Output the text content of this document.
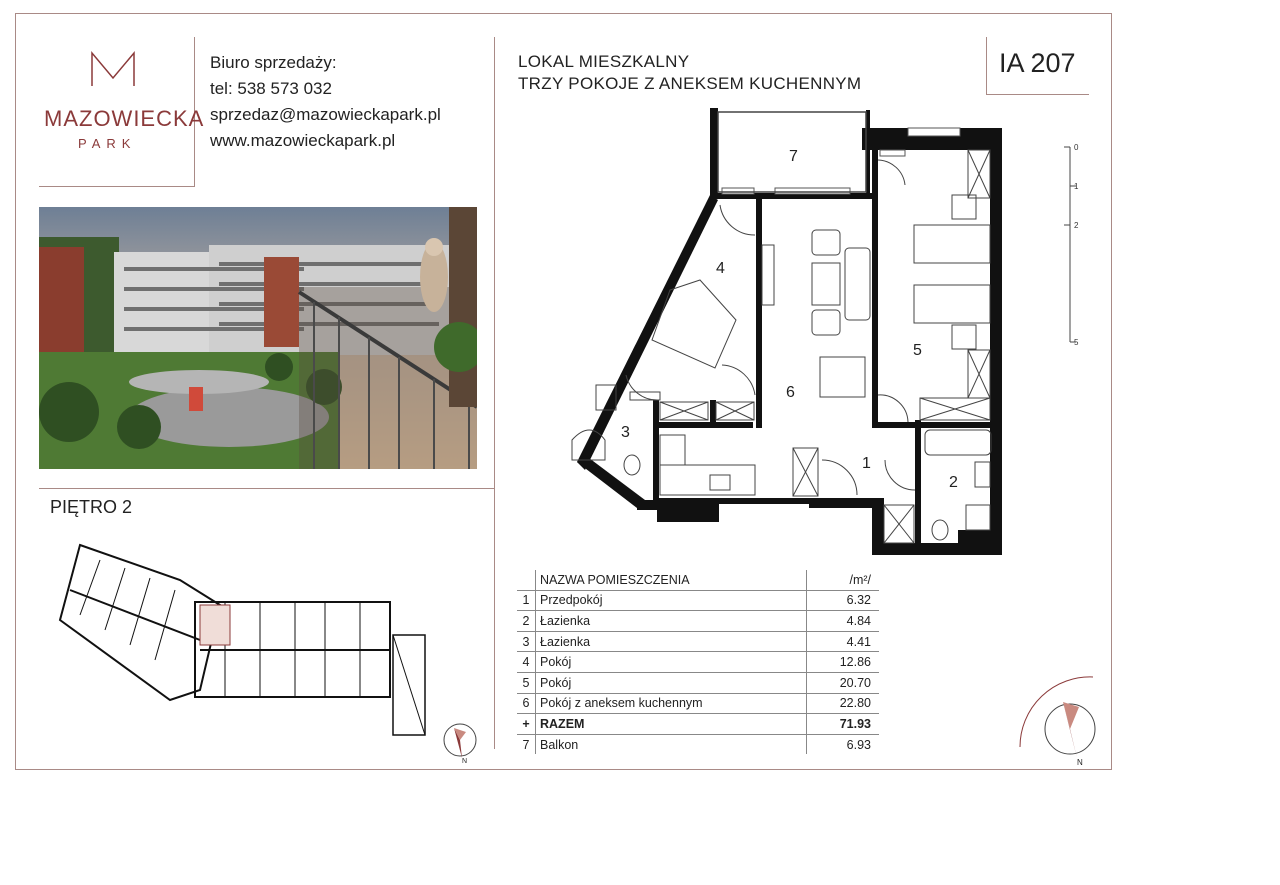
MAZOWIECKA
PARK
Biuro sprzedaży:
tel: 538 573 032
sprzedaz@mazowieckapark.pl
www.mazowieckapark.pl
LOKAL MIESZKALNY
TRZY POKOJE Z ANEKSEM KUCHENNYM
IA 207
1
2
3
4
5
6
7
0
1
2
5
PIĘTRO 2
N	N
	NAZWA POMIESZCZENIA	/m²/
1	Przedpokój	6.32
2	Łazienka	4.84
3	Łazienka	4.41
4	Pokój	12.86
5	Pokój	20.70
6	Pokój z aneksem kuchennym	22.80
+	RAZEM	71.93
7	Balkon	6.93
